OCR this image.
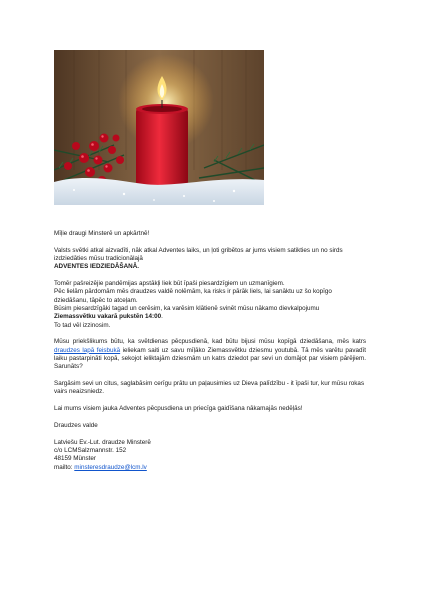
Mīļie draugi Minsterē un apkārtnē!

Valsts svētki atkal aizvadīti, nāk atkal Adventes laiks, un ļoti gribētos ar jums visiem satikties un no sirds izdziedāties mūsu tradicionālajā
ADVENTES IEDZIEDĀŠANĀ.

Tomēr pašreizējie pandēmijas apstākļi liek būt īpaši piesardzīgiem un uzmanīgiem.
Pēc lielām pārdomām mēs draudzes valdē nolēmām, ka risks ir pārāk liels, lai sanāktu uz šo kopīgo dziedāšanu, tāpēc to atceļam.
Būsim piesardzīgāki tagad un cerēsim, ka varēsim klātienē svinēt mūsu nākamo dievkalpojumu
Ziemassvētku vakarā pukstēn 14:00.
To tad vēl izzinosim.

Mūsu priekšlikums būtu, ka svētdienas pēcpusdienā, kad būtu bijusi mūsu kopīgā dziedāšana, mēs katrs draudzes lapā feisbukā ieliekam saiti uz savu mīļāko Ziemassvētku dziesmu youtubā. Tā mēs varētu pavadīt laiku pastarpināti kopā, sekojot ieliktajām dziesmām un katrs dziedot par sevi un domājot par visiem pārējiem. Sarunāts?

Sargāsim sevi un citus, saglabāsim cerīgu prātu un paļausimies uz Dieva palīdzību - it īpaši tur, kur mūsu rokas vairs neaizsniedz.

Lai mums visiem jauka Adventes pēcpusdiena un priecīga gaidīšana nākamajās nedēļās!

Draudzes valde

Latviešu Ev.-Lut. draudze Minsterē
c/o LCMSalzmannstr. 152
48159 Münster
mailto: minsteresdraudze@lcm.lv
